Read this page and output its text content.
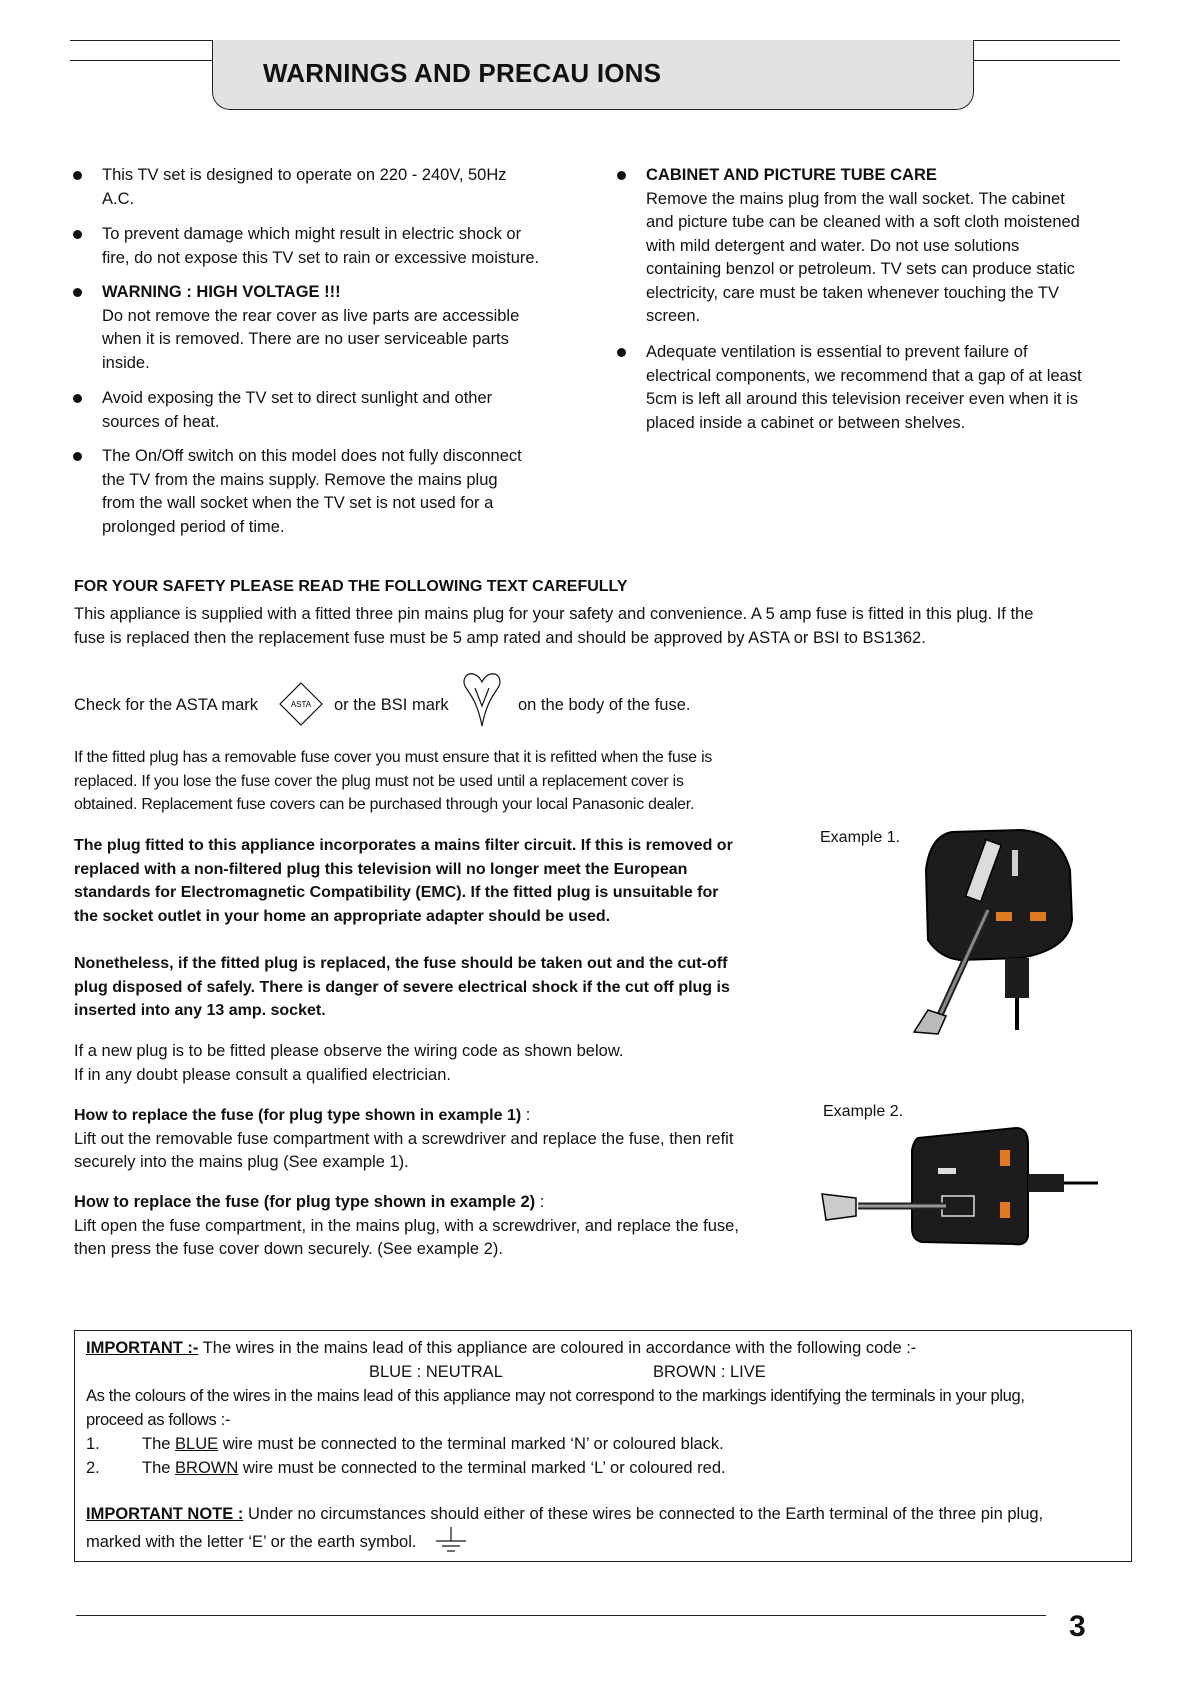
WARNINGS AND PRECAU IONS
This TV set is designed to operate on 220 - 240V, 50Hz
A.C.
To prevent damage which might result in electric shock or
fire, do not expose this TV set to rain or excessive moisture.
WARNING : HIGH VOLTAGE !!!
Do not remove the rear cover as live parts are accessible
when it is removed. There are no user serviceable parts
inside.
Avoid exposing the TV set to direct sunlight and other
sources of heat.
The On/Off switch on this model does not fully disconnect
the TV from the mains supply. Remove the mains plug
from the wall socket when the TV set is not used for a
prolonged period of time.
CABINET AND PICTURE TUBE CARE
Remove the mains plug from the wall socket. The cabinet
and picture tube can be cleaned with a soft cloth moistened
with mild detergent and water. Do not use solutions
containing benzol or petroleum. TV sets can produce static
electricity, care must be taken whenever touching the TV
screen.
Adequate ventilation is essential to prevent failure of
electrical components, we recommend that a gap of at least
5cm is left all around this television receiver even when it is
placed inside a cabinet or between shelves.
FOR YOUR SAFETY PLEASE READ THE FOLLOWING TEXT CAREFULLY
This appliance is supplied with a fitted three pin mains plug for your safety and convenience. A 5 amp fuse is fitted in this plug. If the
fuse is replaced then the replacement fuse must be 5 amp rated and should be approved by ASTA or BSI to BS1362.
Check for the ASTA mark	ASTA or the BSI mark	on the body of the fuse.
If the fitted plug has a removable fuse cover you must ensure that it is refitted when the fuse is
replaced. If you lose the fuse cover the plug must not be used until a replacement cover is
obtained. Replacement fuse covers can be purchased through your local Panasonic dealer.
The plug fitted to this appliance incorporates a mains filter circuit. If this is removed or
replaced with a non-filtered plug this television will no longer meet the European
standards for Electromagnetic Compatibility (EMC). If the fitted plug is unsuitable for
the socket outlet in your home an appropriate adapter should be used.
Nonetheless, if the fitted plug is replaced, the fuse should be taken out and the cut-off
plug disposed of safely. There is danger of severe electrical shock if the cut off plug is
inserted into any 13 amp. socket.
If a new plug is to be fitted please observe the wiring code as shown below.
If in any doubt please consult a qualified electrician.
How to replace the fuse (for plug type shown in example 1) :
Lift out the removable fuse compartment with a screwdriver and replace the fuse, then refit
securely into the mains plug (See example 1).
How to replace the fuse (for plug type shown in example 2) :
Lift open the fuse compartment, in the mains plug, with a screwdriver, and replace the fuse,
then press the fuse cover down securely. (See example 2).
Example 1.
Example 2.
IMPORTANT :- The wires in the mains lead of this appliance are coloured in accordance with the following code :-
BLUE : NEUTRAL	BROWN : LIVE
As the colours of the wires in the mains lead of this appliance may not correspond to the markings identifying the terminals in your plug,
proceed as follows :-
1.	The BLUE wire must be connected to the terminal marked ‘N’ or coloured black.
2.	The BROWN wire must be connected to the terminal marked ‘L’ or coloured red.
IMPORTANT NOTE : Under no circumstances should either of these wires be connected to the Earth terminal of the three pin plug,
marked with the letter ‘E’ or the earth symbol.
3
